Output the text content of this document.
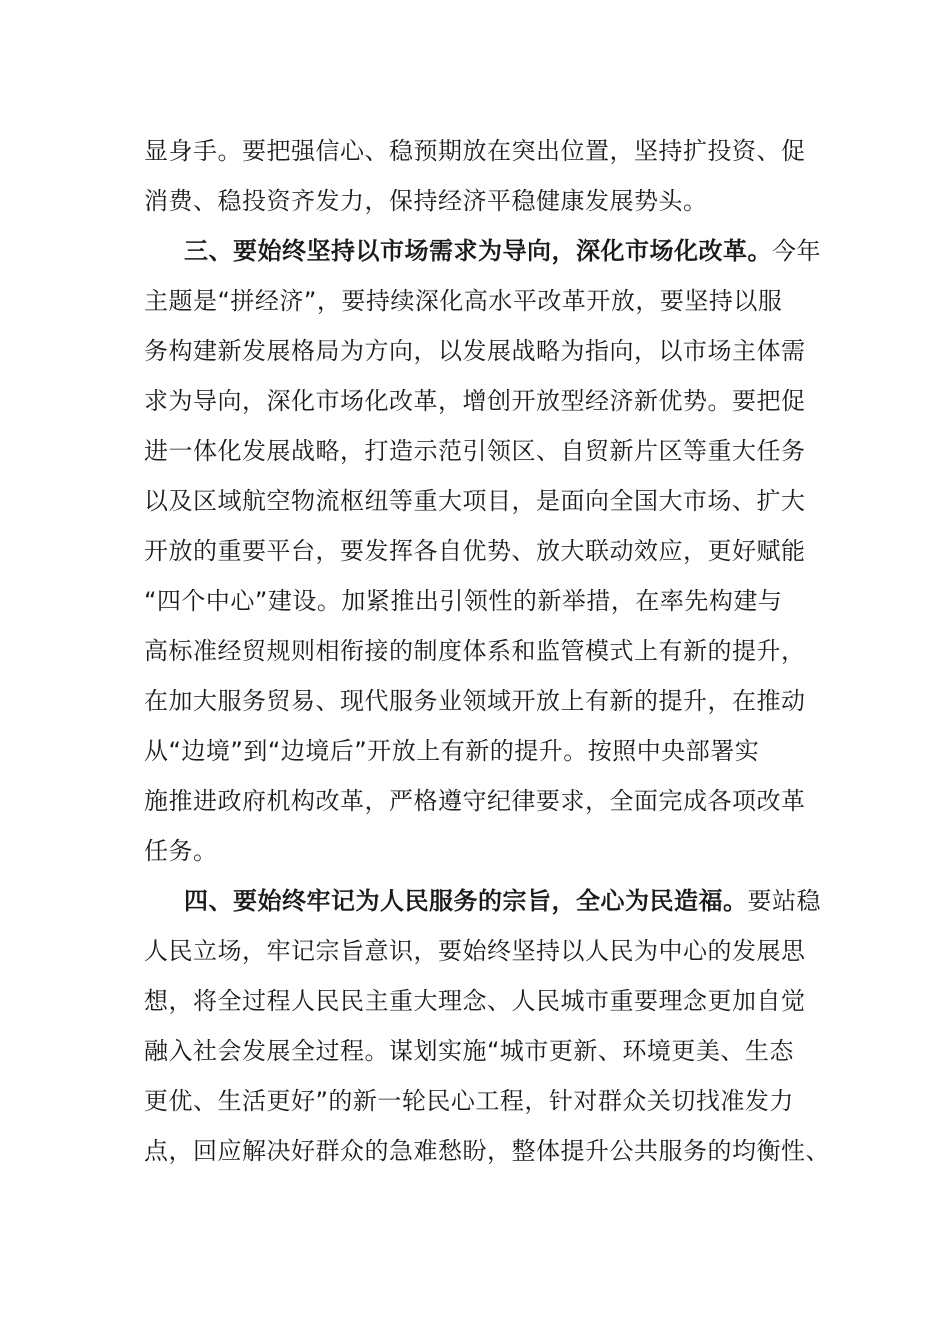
显身手。要把强信心、稳预期放在突出位置，坚持扩投资、促
消费、稳投资齐发力，保持经济平稳健康发展势头。
三、要始终坚持以市场需求为导向，深化市场化改革。今年
主题是“拼经济”，要持续深化高水平改革开放，要坚持以服
务构建新发展格局为方向，以发展战略为指向，以市场主体需
求为导向，深化市场化改革，增创开放型经济新优势。要把促
进一体化发展战略，打造示范引领区、自贸新片区等重大任务
以及区域航空物流枢纽等重大项目，是面向全国大市场、扩大
开放的重要平台，要发挥各自优势、放大联动效应，更好赋能
“四个中心”建设。加紧推出引领性的新举措，在率先构建与
高标准经贸规则相衔接的制度体系和监管模式上有新的提升，
在加大服务贸易、现代服务业领域开放上有新的提升，在推动
从“边境”到“边境后”开放上有新的提升。按照中央部署实
施推进政府机构改革，严格遵守纪律要求，全面完成各项改革
任务。
四、要始终牢记为人民服务的宗旨，全心为民造福。要站稳
人民立场，牢记宗旨意识，要始终坚持以人民为中心的发展思
想，将全过程人民民主重大理念、人民城市重要理念更加自觉
融入社会发展全过程。谋划实施“城市更新、环境更美、生态
更优、生活更好”的新一轮民心工程，针对群众关切找准发力
点，回应解决好群众的急难愁盼，整体提升公共服务的均衡性、
